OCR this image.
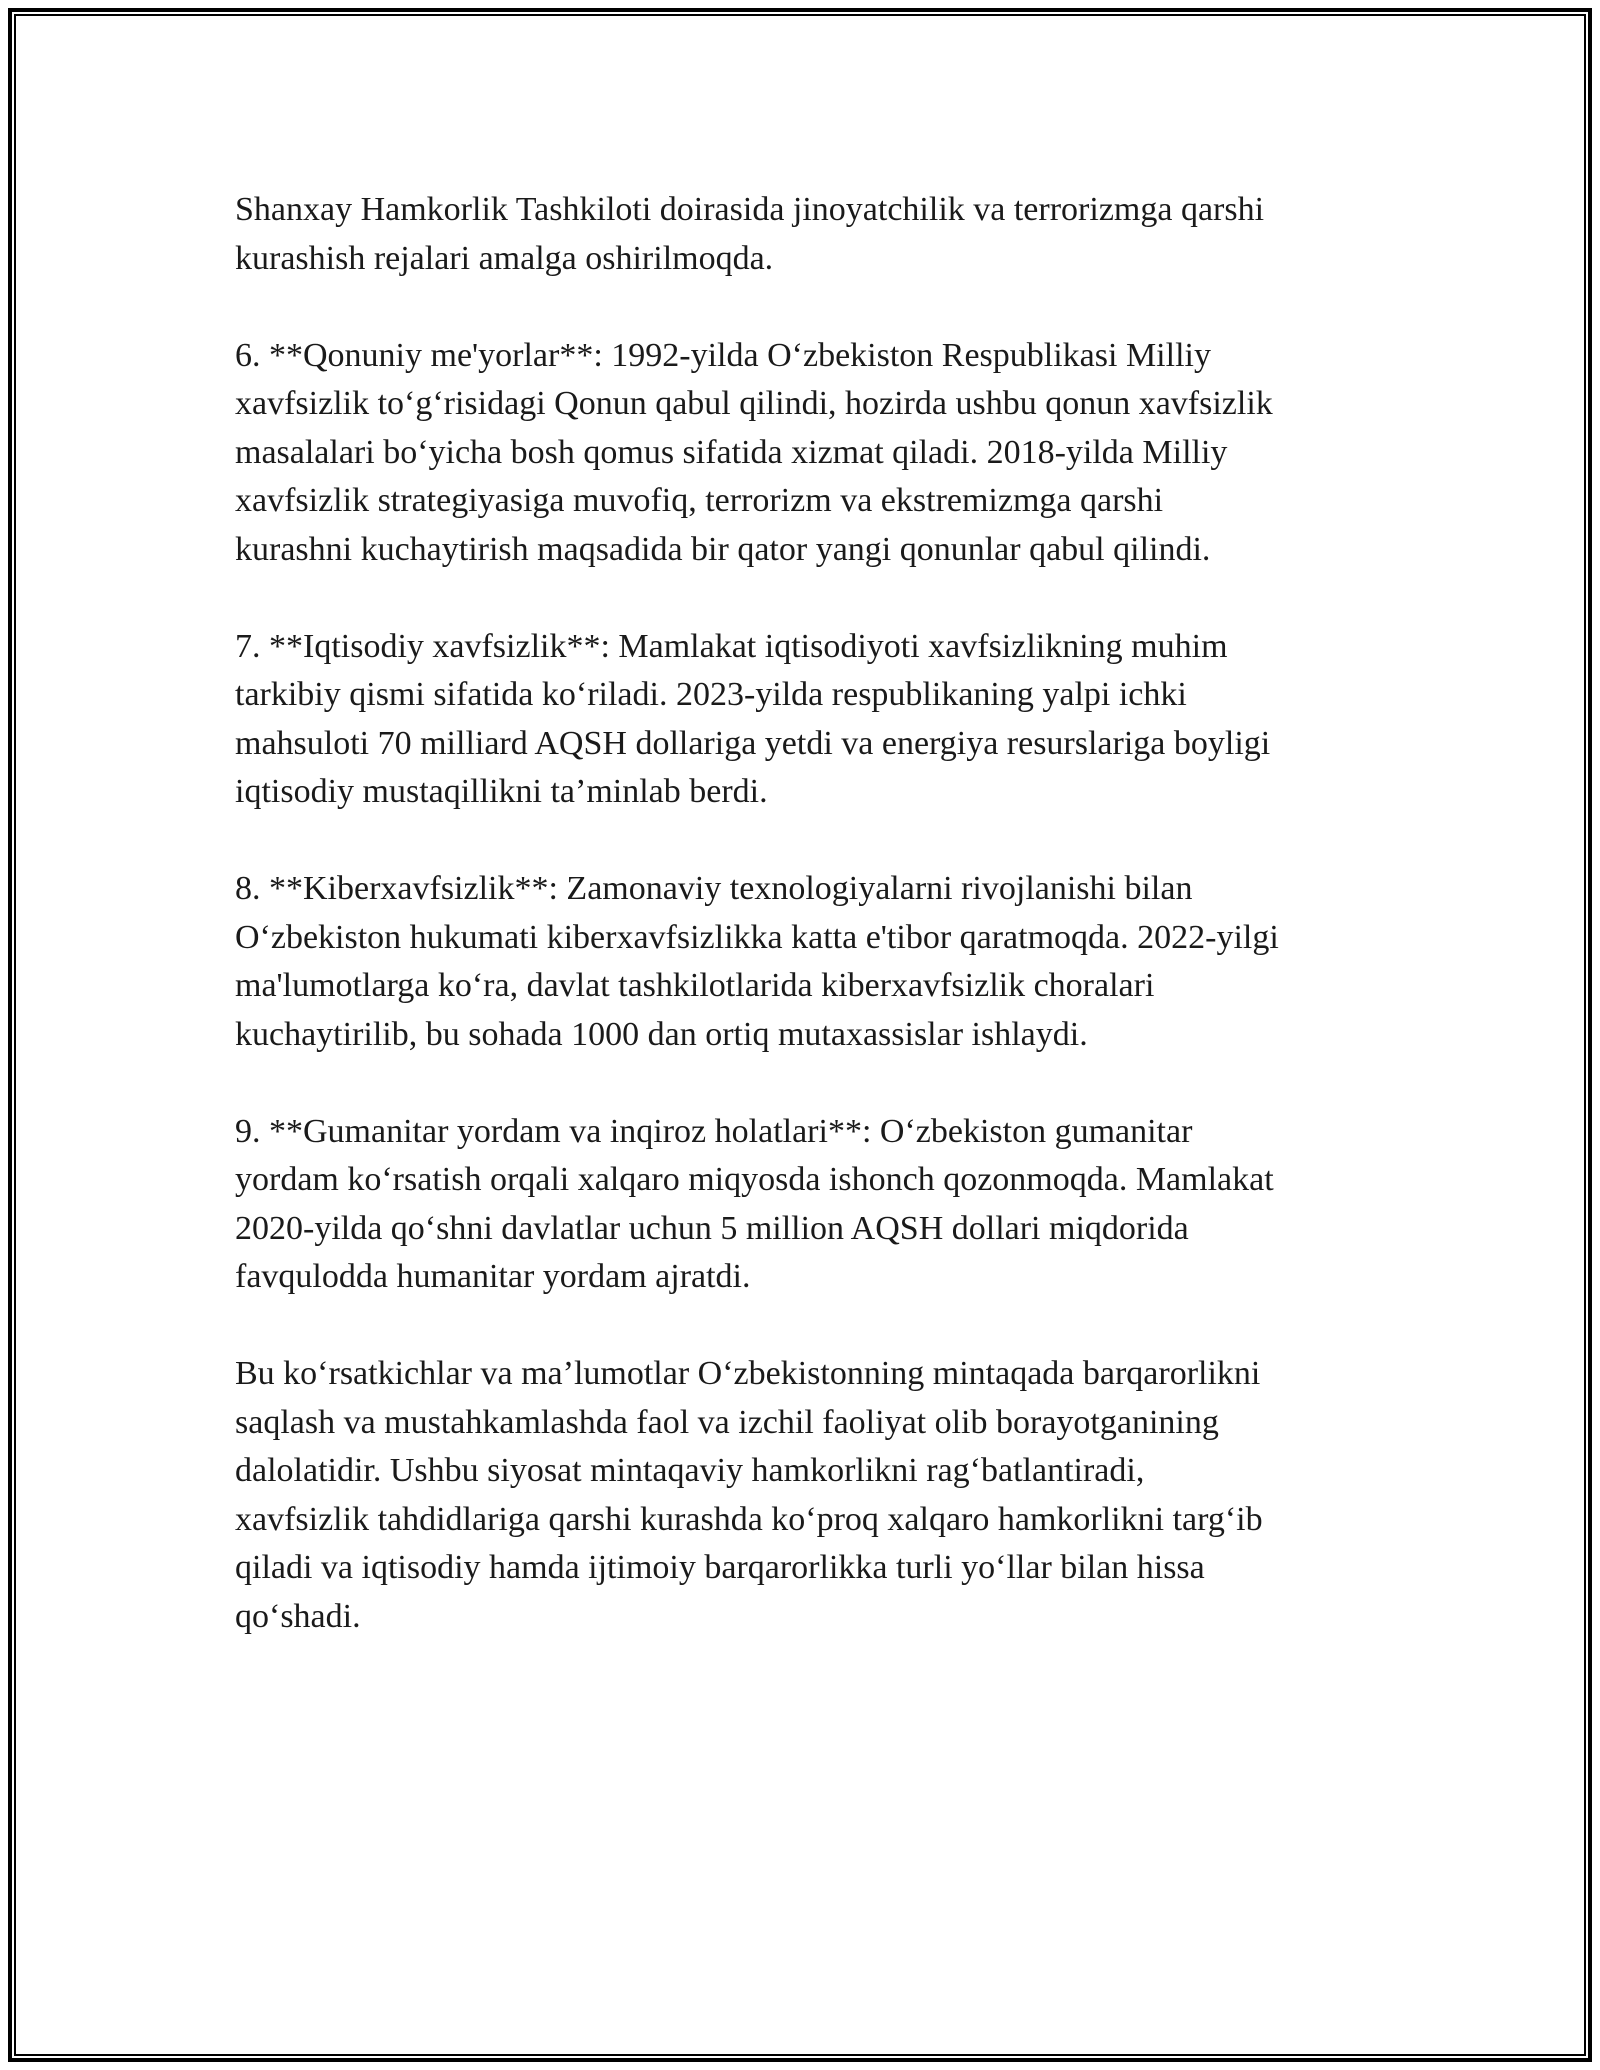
Shanxay Hamkorlik Tashkiloti doirasida jinoyatchilik va terrorizmga qarshi
kurashish rejalari amalga oshirilmoqda.

6. **Qonuniy me'yorlar**: 1992-yilda O‘zbekiston Respublikasi Milliy
xavfsizlik to‘g‘risidagi Qonun qabul qilindi, hozirda ushbu qonun xavfsizlik
masalalari bo‘yicha bosh qomus sifatida xizmat qiladi. 2018-yilda Milliy
xavfsizlik strategiyasiga muvofiq, terrorizm va ekstremizmga qarshi
kurashni kuchaytirish maqsadida bir qator yangi qonunlar qabul qilindi.

7. **Iqtisodiy xavfsizlik**: Mamlakat iqtisodiyoti xavfsizlikning muhim
tarkibiy qismi sifatida ko‘riladi. 2023-yilda respublikaning yalpi ichki
mahsuloti 70 milliard AQSH dollariga yetdi va energiya resurslariga boyligi
iqtisodiy mustaqillikni ta’minlab berdi.

8. **Kiberxavfsizlik**: Zamonaviy texnologiyalarni rivojlanishi bilan
O‘zbekiston hukumati kiberxavfsizlikka katta e'tibor qaratmoqda. 2022-yilgi
ma'lumotlarga ko‘ra, davlat tashkilotlarida kiberxavfsizlik choralari
kuchaytirilib, bu sohada 1000 dan ortiq mutaxassislar ishlaydi.

9. **Gumanitar yordam va inqiroz holatlari**: O‘zbekiston gumanitar
yordam ko‘rsatish orqali xalqaro miqyosda ishonch qozonmoqda. Mamlakat
2020-yilda qo‘shni davlatlar uchun 5 million AQSH dollari miqdorida
favqulodda humanitar yordam ajratdi.

Bu ko‘rsatkichlar va ma’lumotlar O‘zbekistonning mintaqada barqarorlikni
saqlash va mustahkamlashda faol va izchil faoliyat olib borayotganining
dalolatidir. Ushbu siyosat mintaqaviy hamkorlikni rag‘batlantiradi,
xavfsizlik tahdidlariga qarshi kurashda ko‘proq xalqaro hamkorlikni targ‘ib
qiladi va iqtisodiy hamda ijtimoiy barqarorlikka turli yo‘llar bilan hissa
qo‘shadi.
